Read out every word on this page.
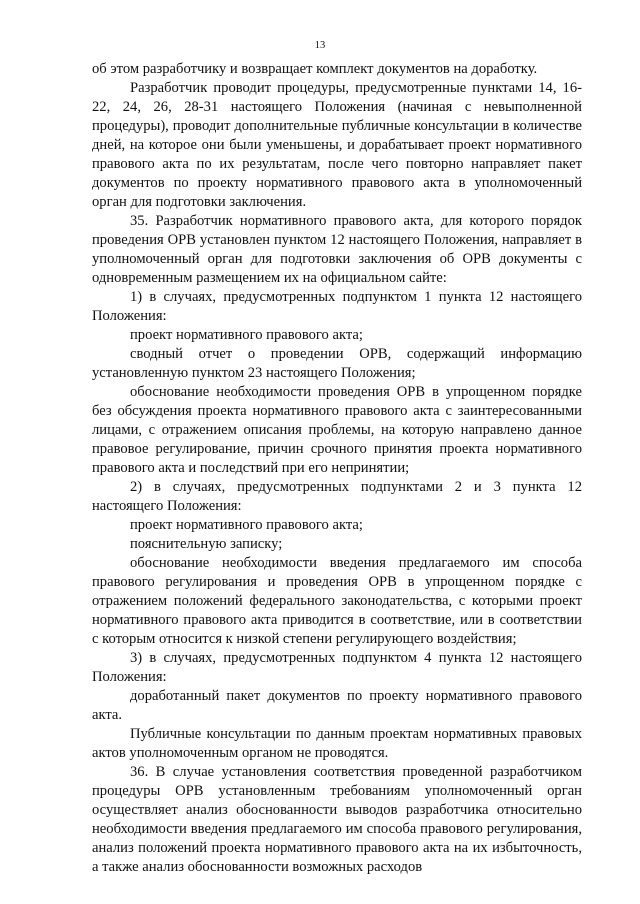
13

об этом разработчику и возвращает комплект документов на доработку.

Разработчик проводит процедуры, предусмотренные пунктами 14, 16-22, 24, 26, 28-31 настоящего Положения (начиная с невыполненной процедуры), проводит дополнительные публичные консультации в количестве дней, на которое они были уменьшены, и дорабатывает проект нормативного правового акта по их результатам, после чего повторно направляет пакет документов по проекту нормативного правового акта в уполномоченный орган для подготовки заключения.

35. Разработчик нормативного правового акта, для которого порядок проведения ОРВ установлен пунктом 12 настоящего Положения, направляет в уполномоченный орган для подготовки заключения об ОРВ документы с одновременным размещением их на официальном сайте:

1) в случаях, предусмотренных подпунктом 1 пункта 12 настоящего Положения:

проект нормативного правового акта;

сводный отчет о проведении ОРВ, содержащий информацию установленную пунктом 23 настоящего Положения;

обоснование необходимости проведения ОРВ в упрощенном порядке без обсуждения проекта нормативного правового акта с заинтересованными лицами, с отражением описания проблемы, на которую направлено данное правовое регулирование, причин срочного принятия проекта нормативного правового акта и последствий при его непринятии;

2) в случаях, предусмотренных подпунктами 2 и 3 пункта 12 настоящего Положения:

проект нормативного правового акта;

пояснительную записку;

обоснование необходимости введения предлагаемого им способа правового регулирования и проведения ОРВ в упрощенном порядке с отражением положений федерального законодательства, с которыми проект нормативного правового акта приводится в соответствие, или в соответствии с которым относится к низкой степени регулирующего воздействия;

3) в случаях, предусмотренных подпунктом 4 пункта 12 настоящего Положения:

доработанный пакет документов по проекту нормативного правового акта.

Публичные консультации по данным проектам нормативных правовых актов уполномоченным органом не проводятся.

36. В случае установления соответствия проведенной разработчиком процедуры ОРВ установленным требованиям уполномоченный орган осуществляет анализ обоснованности выводов разработчика относительно необходимости введения предлагаемого им способа правового регулирования, анализ положений проекта нормативного правового акта на их избыточность, а также анализ обоснованности возможных расходов
